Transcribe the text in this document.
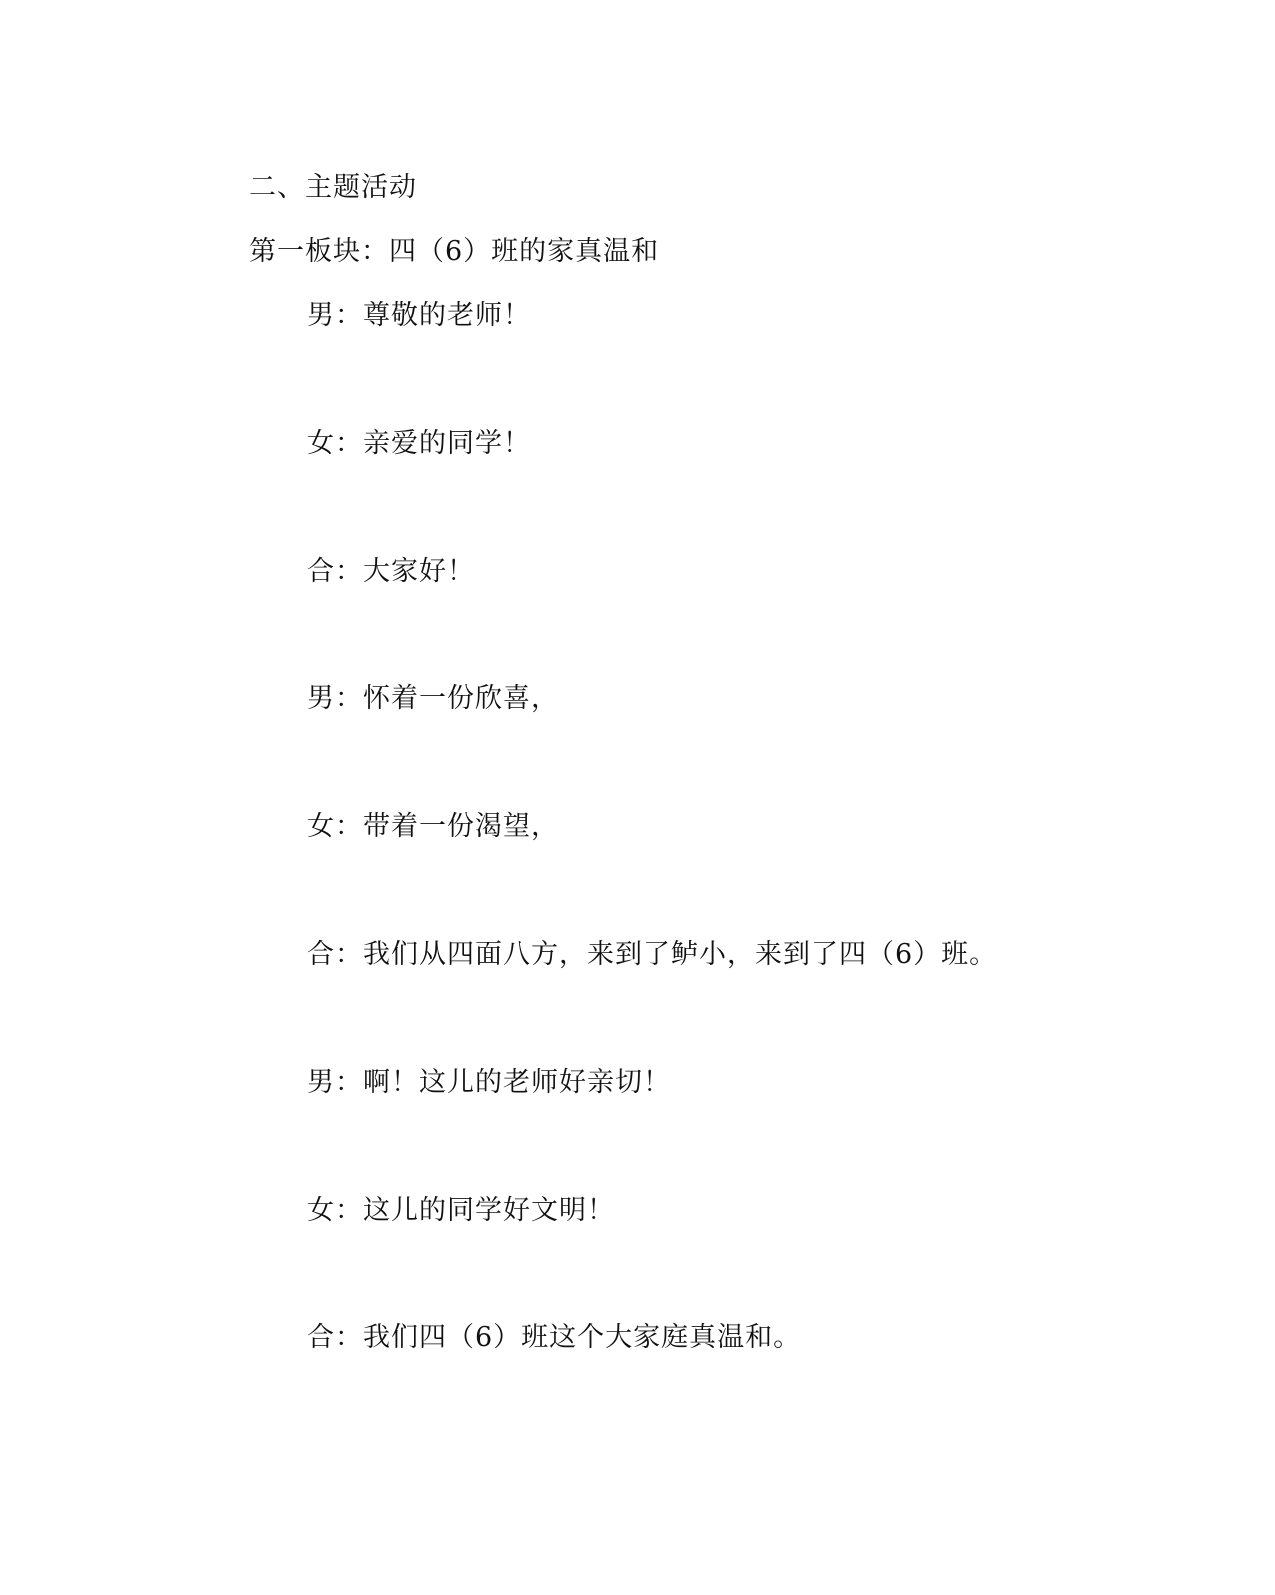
二、主题活动
第一板块：四（6）班的家真温和
男：尊敬的老师！
女：亲爱的同学！
合：大家好！
男：怀着一份欣喜，
女：带着一份渴望，
合：我们从四面八方，来到了鲈小，来到了四（6）班。
男：啊！这儿的老师好亲切！
女：这儿的同学好文明！
合：我们四（6）班这个大家庭真温和。
